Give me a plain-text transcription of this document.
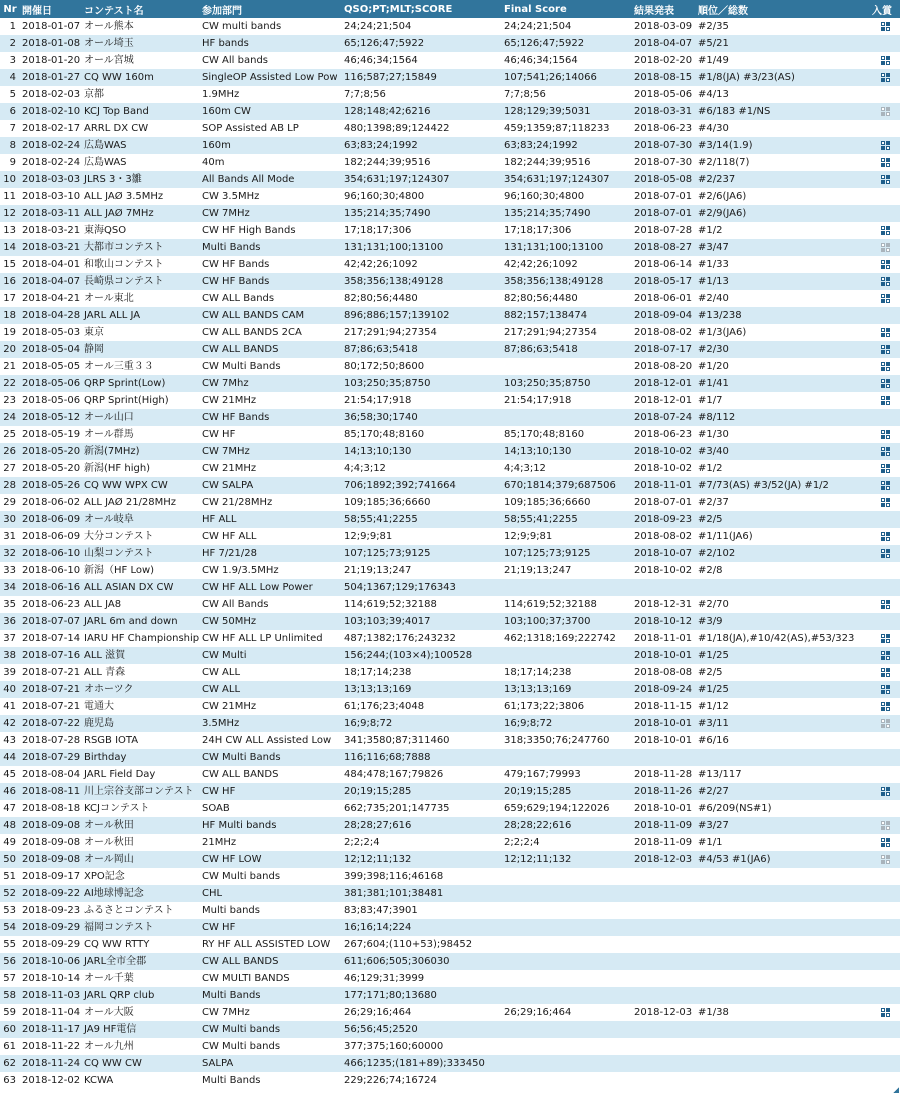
Nr	開催日	コンテスト名	参加部門	QSO;PT;MLT;SCORE	Final Score	結果発表	順位／総数	入賞
1	2018-01-07	オール熊本	CW multi bands	24;24;21;504	24;24;21;504	2018-03-09	#2/35	

2	2018-01-08	オール埼玉	HF bands	65;126;47;5922	65;126;47;5922	2018-04-07	#5/21	
3	2018-01-20	オール宮城	CW All bands	46;46;34;1564	46;46;34;1564	2018-02-20	#1/49	

4	2018-01-27	CQ WW 160m	SingleOP Assisted Low Pow	116;587;27;15849	107;541;26;14066	2018-08-15	#1/8(JA) #3/23(AS)	

5	2018-02-03	京都	1.9MHz	7;7;8;56	7;7;8;56	2018-05-06	#4/13	
6	2018-02-10	KCJ Top Band	160m CW	128;148;42;6216	128;129;39;5031	2018-03-31	#6/183 #1/NS	

7	2018-02-17	ARRL DX CW	SOP Assisted AB LP	480;1398;89;124422	459;1359;87;118233	2018-06-23	#4/30	
8	2018-02-24	広島WAS	160m	63;83;24;1992	63;83;24;1992	2018-07-30	#3/14(1.9)	

9	2018-02-24	広島WAS	40m	182;244;39;9516	182;244;39;9516	2018-07-30	#2/118(7)	

10	2018-03-03	JLRS 3・3雛	All Bands All Mode	354;631;197;124307	354;631;197;124307	2018-05-08	#2/237	

11	2018-03-10	ALL JAØ 3.5MHz	CW 3.5MHz	96;160;30;4800	96;160;30;4800	2018-07-01	#2/6(JA6)	
12	2018-03-11	ALL JAØ 7MHz	CW 7MHz	135;214;35;7490	135;214;35;7490	2018-07-01	#2/9(JA6)	
13	2018-03-21	東海QSO	CW HF High Bands	17;18;17;306	17;18;17;306	2018-07-28	#1/2	

14	2018-03-21	大都市コンテスト	Multi Bands	131;131;100;13100	131;131;100;13100	2018-08-27	#3/47	

15	2018-04-01	和歌山コンテスト	CW HF Bands	42;42;26;1092	42;42;26;1092	2018-06-14	#1/33	

16	2018-04-07	長崎県コンテスト	CW HF Bands	358;356;138;49128	358;356;138;49128	2018-05-17	#1/13	

17	2018-04-21	オール東北	CW ALL Bands	82;80;56;4480	82;80;56;4480	2018-06-01	#2/40	

18	2018-04-28	JARL ALL JA	CW ALL BANDS CAM	896;886;157;139102	882;157;138474	2018-09-04	#13/238	
19	2018-05-03	東京	CW ALL BANDS 2CA	217;291;94;27354	217;291;94;27354	2018-08-02	#1/3(JA6)	

20	2018-05-04	静岡	CW ALL BANDS	87;86;63;5418	87;86;63;5418	2018-07-17	#2/30	

21	2018-05-05	オール三重３３	CW Multi Bands	80;172;50;8600		2018-08-20	#1/20	

22	2018-05-06	QRP Sprint(Low)	CW 7Mhz	103;250;35;8750	103;250;35;8750	2018-12-01	#1/41	

23	2018-05-06	QRP Sprint(High)	CW 21MHz	21:54;17;918	21:54;17;918	2018-12-01	#1/7	

24	2018-05-12	オール山口	CW HF Bands	36;58;30;1740		2018-07-24	#8/112	
25	2018-05-19	オール群馬	CW HF	85;170;48;8160	85;170;48;8160	2018-06-23	#1/30	

26	2018-05-20	新潟(7MHz)	CW 7MHz	14;13;10;130	14;13;10;130	2018-10-02	#3/40	

27	2018-05-20	新潟(HF high)	CW 21MHz	4;4;3;12	4;4;3;12	2018-10-02	#1/2	

28	2018-05-26	CQ WW WPX CW	CW SALPA	706;1892;392;741664	670;1814;379;687506	2018-11-01	#7/73(AS) #3/52(JA) #1/2	

29	2018-06-02	ALL JAØ 21/28MHz	CW 21/28MHz	109;185;36;6660	109;185;36;6660	2018-07-01	#2/37	

30	2018-06-09	オール岐阜	HF ALL	58;55;41;2255	58;55;41;2255	2018-09-23	#2/5	
31	2018-06-09	大分コンテスト	CW HF ALL	12;9;9;81	12;9;9;81	2018-08-02	#1/11(JA6)	

32	2018-06-10	山梨コンテスト	HF 7/21/28	107;125;73;9125	107;125;73;9125	2018-10-07	#2/102	

33	2018-06-10	新潟（HF Low)	CW 1.9/3.5MHz	21;19;13;247	21;19;13;247	2018-10-02	#2/8	
34	2018-06-16	ALL ASIAN DX CW	CW HF ALL Low Power	504;1367;129;176343				
35	2018-06-23	ALL JA8	CW All Bands	114;619;52;32188	114;619;52;32188	2018-12-31	#2/70	

36	2018-07-07	JARL 6m and down	CW 50MHz	103;103;39;4017	103;100;37;3700	2018-10-12	#3/9	
37	2018-07-14	IARU HF Championship	CW HF ALL LP Unlimited	487;1382;176;243232	462;1318;169;222742	2018-11-01	#1/18(JA),#10/42(AS),#53/323	

38	2018-07-16	ALL 滋賀	CW Multi	156;244;(103×4);100528		2018-10-01	#1/25	

39	2018-07-21	ALL 青森	CW ALL	18;17;14;238	18;17;14;238	2018-08-08	#2/5	

40	2018-07-21	オホーツク	CW ALL	13;13;13;169	13;13;13;169	2018-09-24	#1/25	

41	2018-07-21	電通大	CW 21MHz	61;176;23;4048	61;173;22;3806	2018-11-15	#1/12	

42	2018-07-22	鹿児島	3.5MHz	16;9;8;72	16;9;8;72	2018-10-01	#3/11	

43	2018-07-28	RSGB IOTA	24H CW ALL Assisted Low	341;3580;87;311460	318;3350;76;247760	2018-10-01	#6/16	
44	2018-07-29	Birthday	CW Multi Bands	116;116;68;7888				
45	2018-08-04	JARL Field Day	CW ALL BANDS	484;478;167;79826	479;167;79993	2018-11-28	#13/117	
46	2018-08-11	川上宗谷支部コンテスト	CW HF	20;19;15;285	20;19;15;285	2018-11-26	#2/27	

47	2018-08-18	KCJコンテスト	SOAB	662;735;201;147735	659;629;194;122026	2018-10-01	#6/209(NS#1)	
48	2018-09-08	オール秋田	HF Multi bands	28;28;27;616	28;28;22;616	2018-11-09	#3/27	

49	2018-09-08	オール秋田	21MHz	2;2;2;4	2;2;2;4	2018-11-09	#1/1	

50	2018-09-08	オール岡山	CW HF LOW	12;12;11;132	12;12;11;132	2018-12-03	#4/53 #1(JA6)	

51	2018-09-17	XPO記念	CW Multi bands	399;398;116;46168				
52	2018-09-22	AI地球博記念	CHL	381;381;101;38481				
53	2018-09-23	ふるさとコンテスト	Multi bands	83;83;47;3901				
54	2018-09-29	福岡コンテスト	CW HF	16;16;14;224				
55	2018-09-29	CQ WW RTTY	RY HF ALL ASSISTED LOW	267;604;(110+53);98452				
56	2018-10-06	JARL全市全郡	CW ALL BANDS	611;606;505;306030				
57	2018-10-14	オール千葉	CW MULTI BANDS	46;129;31;3999				
58	2018-11-03	JARL QRP club	Multi Bands	177;171;80;13680				
59	2018-11-04	オール大阪	CW 7MHz	26;29;16;464	26;29;16;464	2018-12-03	#1/38	

60	2018-11-17	JA9 HF電信	CW Multi bands	56;56;45;2520				
61	2018-11-22	オール九州	CW Multi bands	377;375;160;60000				
62	2018-11-24	CQ WW CW	SALPA	466;1235;(181+89);333450				
63	2018-12-02	KCWA	Multi Bands	229;226;74;16724				
